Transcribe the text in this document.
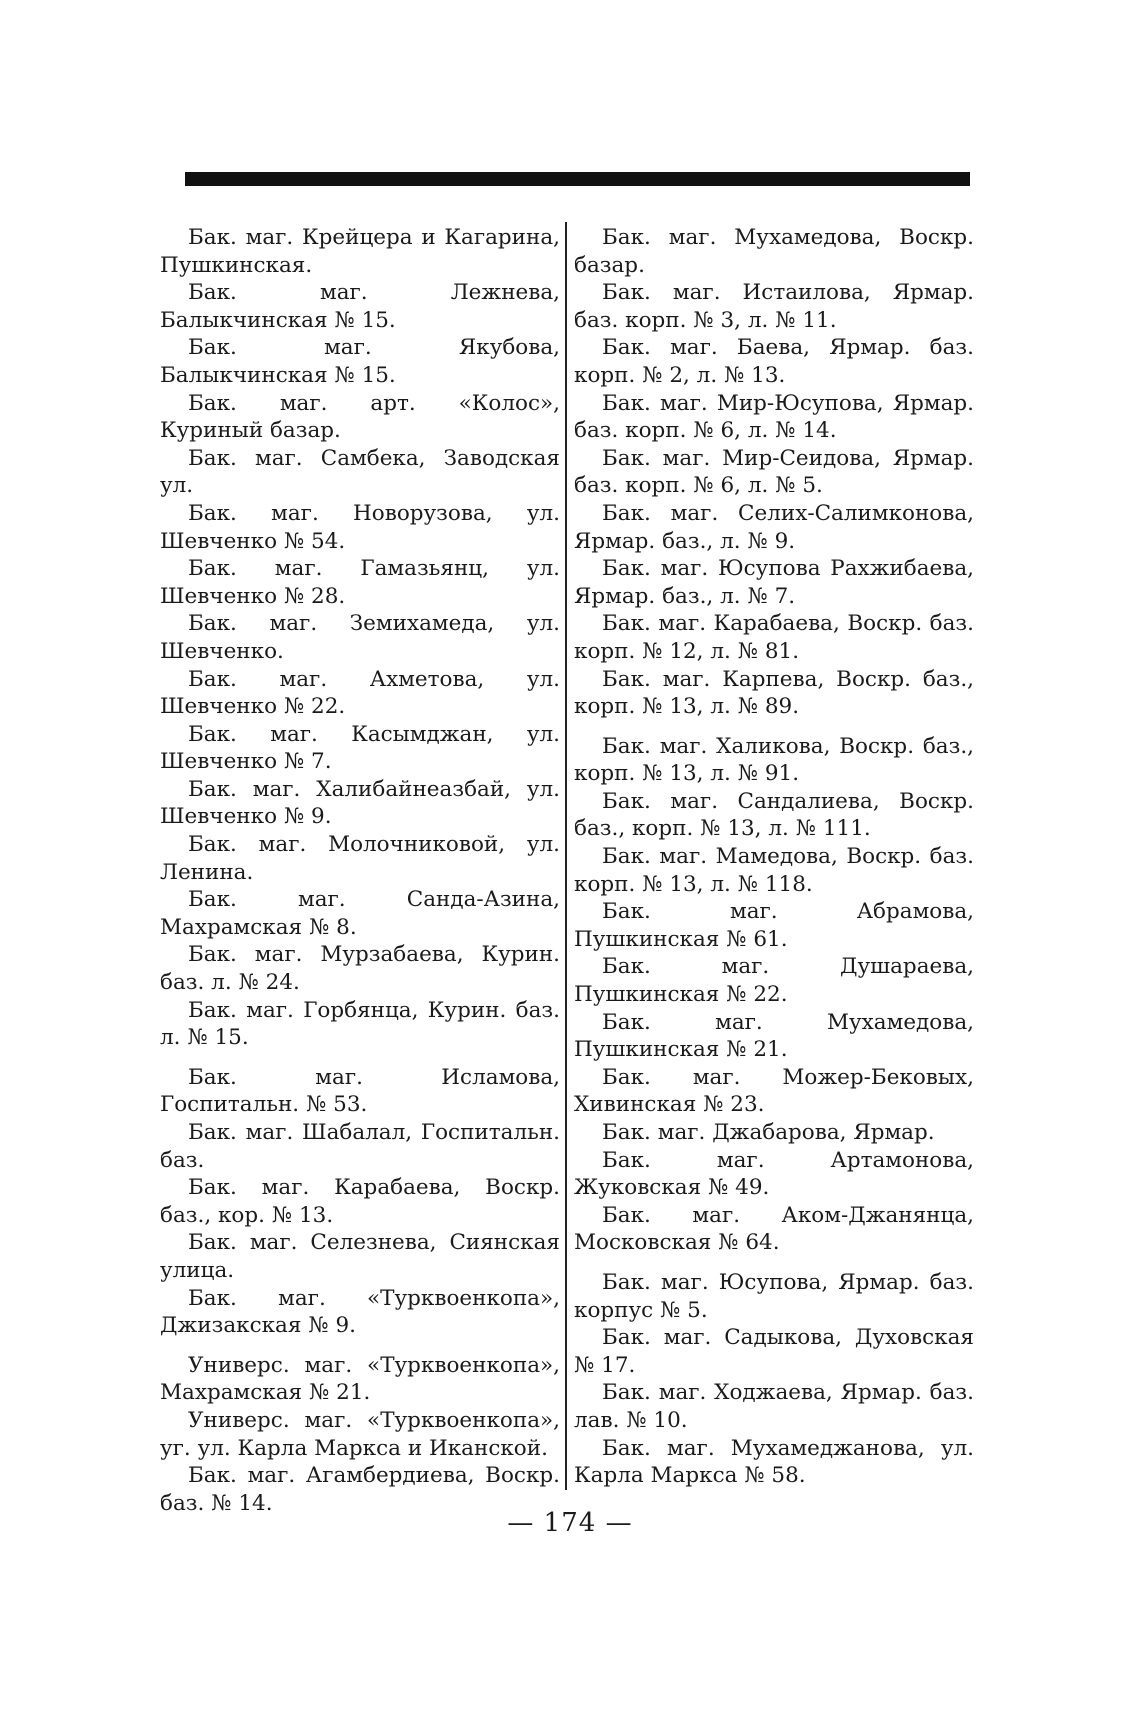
Бак. маг. Крейцера и Кагарина, Пушкинская.

Бак. маг. Лежнева, Балыкчинская № 15.

Бак. маг. Якубова, Балыкчинская № 15.

Бак. маг. арт. «Колос», Куриный базар.

Бак. маг. Самбека, Заводская ул.

Бак. маг. Новорузова, ул. Шевченко № 54.

Бак. маг. Гамазьянц, ул. Шевченко № 28.

Бак. маг. Земихамеда, ул. Шевченко.

Бак. маг. Ахметова, ул. Шевченко № 22.

Бак. маг. Касымджан, ул. Шевченко № 7.

Бак. маг. Халибайнеазбай, ул. Шевченко № 9.

Бак. маг. Молочниковой, ул. Ленина.

Бак. маг. Санда-Азина, Махрамская № 8.

Бак. маг. Мурзабаева, Курин. баз. л. № 24.

Бак. маг. Горбянца, Курин. баз. л. № 15.

Бак. маг. Исламова, Госпитальн. № 53.

Бак. маг. Шабалал, Госпитальн. баз.

Бак. маг. Карабаева, Воскр. баз., кор. № 13.

Бак. маг. Селезнева, Сиянская улица.

Бак. маг. «Турквоенкопа», Джизакская № 9.

Универс. маг. «Турквоенкопа», Махрамская № 21.

Универс. маг. «Турквоенкопа», уг. ул. Карла Маркса и Иканской.

Бак. маг. Агамбердиева, Воскр. баз. № 14.

Бак. маг. Мухамедова, Воскр. базар.

Бак. маг. Истаилова, Ярмар. баз. корп. № 3, л. № 11.

Бак. маг. Баева, Ярмар. баз. корп. № 2, л. № 13.

Бак. маг. Мир-Юсупова, Ярмар. баз. корп. № 6, л. № 14.

Бак. маг. Мир-Сеидова, Ярмар. баз. корп. № 6, л. № 5.

Бак. маг. Селих-Салимконова, Ярмар. баз., л. № 9.

Бак. маг. Юсупова Рахжибаева, Ярмар. баз., л. № 7.

Бак. маг. Карабаева, Воскр. баз. корп. № 12, л. № 81.

Бак. маг. Карпева, Воскр. баз., корп. № 13, л. № 89.

Бак. маг. Халикова, Воскр. баз., корп. № 13, л. № 91.

Бак. маг. Сандалиева, Воскр. баз., корп. № 13, л. № 111.

Бак. маг. Мамедова, Воскр. баз. корп. № 13, л. № 118.

Бак. маг. Абрамова, Пушкинская № 61.

Бак. маг. Душараева, Пушкинская № 22.

Бак. маг. Мухамедова, Пушкинская № 21.

Бак. маг. Можер-Бековых, Хивинская № 23.

Бак. маг. Джабарова, Ярмар.

Бак. маг. Артамонова, Жуковская № 49.

Бак. маг. Аком-Джанянца, Московская № 64.

Бак. маг. Юсупова, Ярмар. баз. корпус № 5.

Бак. маг. Садыкова, Духовская № 17.

Бак. маг. Ходжаева, Ярмар. баз. лав. № 10.

Бак. маг. Мухамеджанова, ул. Карла Маркса № 58.

— 174 —
